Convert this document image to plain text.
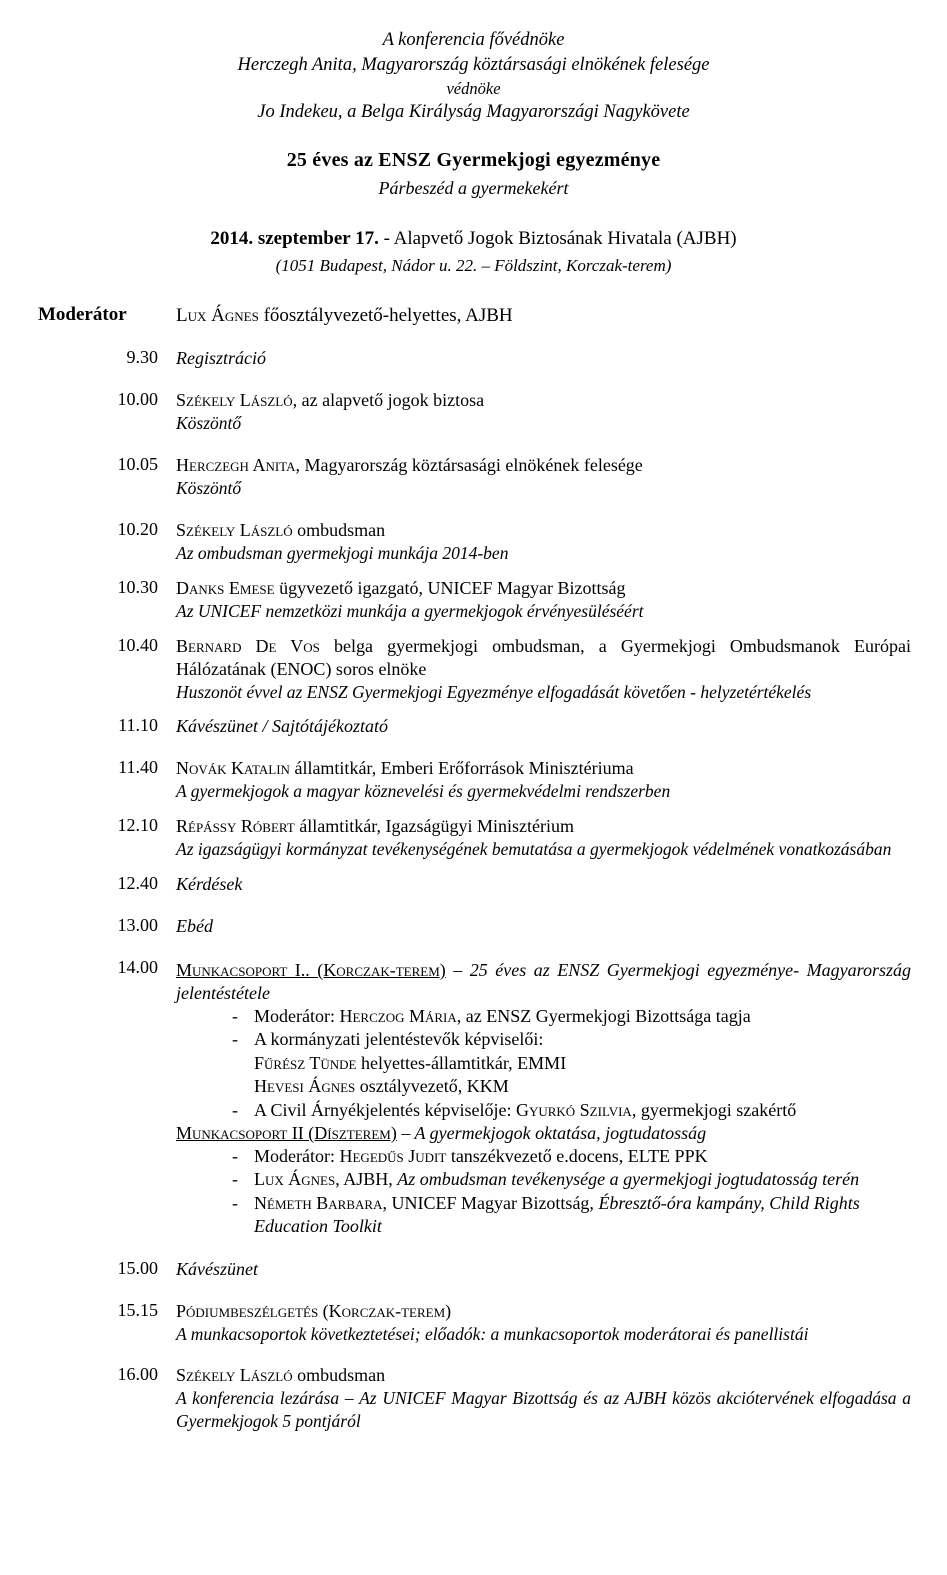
A konferencia fővédnöke
Herczegh Anita, Magyarország köztársasági elnökének felesége
védnöke
Jo Indekeu, a Belga Királyság Magyarországi Nagykövete
25 éves az ENSZ Gyermekjogi egyezménye
Párbeszéd a gyermekekért
2014. szeptember 17. - Alapvető Jogok Biztosának Hivatala (AJBH)
(1051 Budapest, Nádor u. 22. – Földszint, Korczak-terem)
Moderátor	Lux Ágnes főosztályvezető-helyettes, AJBH

9.30	Regisztráció

10.00	Székely László, az alapvető jogok biztosa
Köszöntő

10.05	Herczegh Anita, Magyarország köztársasági elnökének felesége
Köszöntő

10.20	Székely László ombudsman
Az ombudsman gyermekjogi munkája 2014-ben

10.30	Danks Emese ügyvezető igazgató, UNICEF Magyar Bizottság
Az UNICEF nemzetközi munkája a gyermekjogok érvényesüléséért

10.40	Bernard De Vos belga gyermekjogi ombudsman, a Gyermekjogi Ombudsmanok Európai Hálózatának (ENOC) soros elnöke
Huszonöt évvel az ENSZ Gyermekjogi Egyezménye elfogadását követően - helyzetértékelés

11.10	Kávészünet / Sajtótájékoztató

11.40	Novák Katalin államtitkár, Emberi Erőforrások Minisztériuma
A gyermekjogok a magyar köznevelési és gyermekvédelmi rendszerben

12.10	Répássy Róbert államtitkár, Igazságügyi Minisztérium
Az igazságügyi kormányzat tevékenységének bemutatása a gyermekjogok védelmének vonatkozásában

12.40	Kérdések

13.00	Ebéd

14.00	Munkacsoport I.. (Korczak-terem) – 25 éves az ENSZ Gyermekjogi egyezménye- Magyarország jelentéstétele
- Moderátor: Herczog Mária, az ENSZ Gyermekjogi Bizottsága tagja
- A kormányzati jelentéstevők képviselői:
Fűrész Tünde helyettes-államtitkár, EMMI
Hevesi Ágnes osztályvezető, KKM
- A Civil Árnyékjelentés képviselője: Gyurkó Szilvia, gyermekjogi szakértő
Munkacsoport II (Díszterem) – A gyermekjogok oktatása, jogtudatosság
- Moderátor: Hegedűs Judit tanszékvezető e.docens, ELTE PPK
- Lux Ágnes, AJBH, Az ombudsman tevékenysége a gyermekjogi jogtudatosság terén
- Németh Barbara, UNICEF Magyar Bizottság, Ébresztő-óra kampány, Child Rights Education Toolkit

15.00	Kávészünet

15.15	Pódiumbeszélgetés (Korczak-terem)
A munkacsoportok következtetései; előadók: a munkacsoportok moderátorai és panellistái

16.00	Székely László ombudsman
A konferencia lezárása – Az UNICEF Magyar Bizottság és az AJBH közös akciótervének elfogadása a Gyermekjogok 5 pontjáról
